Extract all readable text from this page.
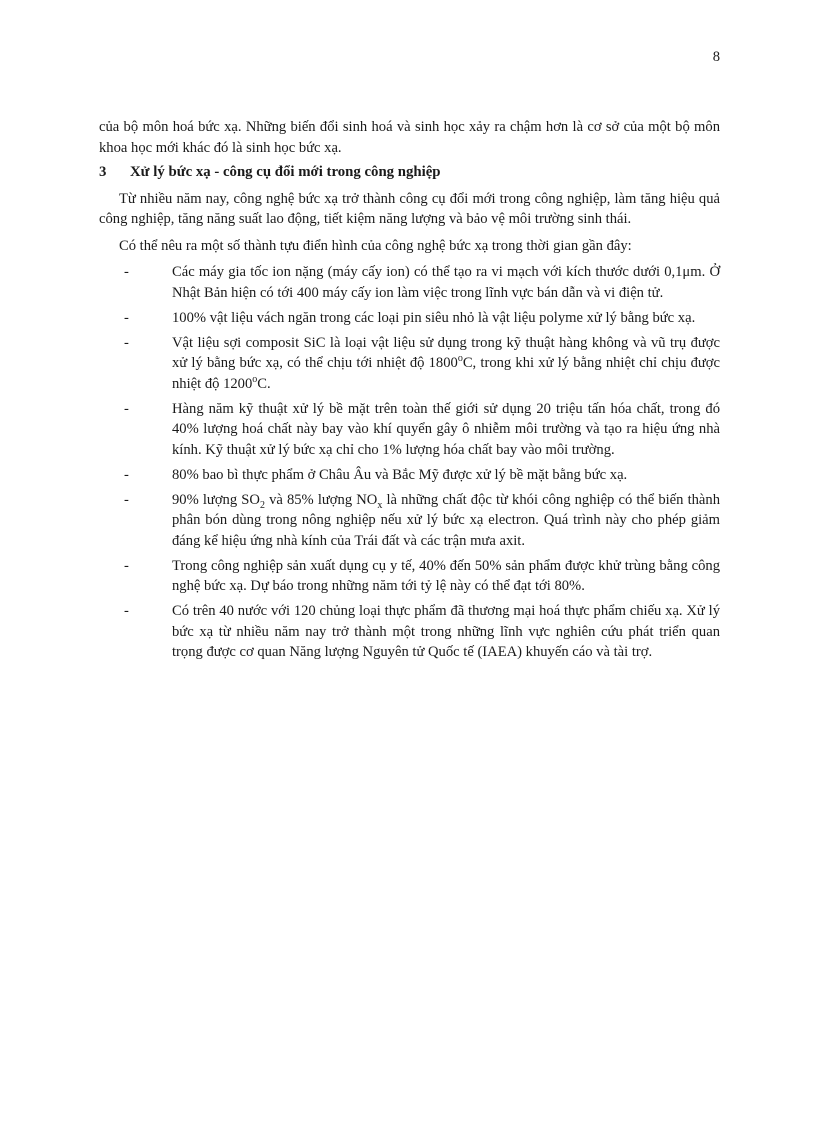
8

của bộ môn hoá bức xạ. Những biến đổi sinh hoá và sinh học xảy ra chậm hơn là cơ sở của một bộ môn khoa học mới khác đó là sinh học bức xạ.

3	Xử lý bức xạ - công cụ đổi mới trong công nghiệp

Từ nhiều năm nay, công nghệ bức xạ trở thành công cụ đổi mới trong công nghiệp, làm tăng hiệu quả công nghiệp, tăng năng suất lao động, tiết kiệm năng lượng và bảo vệ môi trường sinh thái.

Có thể nêu ra một số thành tựu điển hình của công nghệ bức xạ trong thời gian gần đây:

-	Các máy gia tốc ion nặng (máy cấy ion) có thể tạo ra vi mạch với kích thước dưới 0,1μm. Ở Nhật Bản hiện có tới 400 máy cấy ion làm việc trong lĩnh vực bán dẫn và vi điện tử.
-	100% vật liệu vách ngăn trong các loại pin siêu nhỏ là vật liệu polyme xử lý bằng bức xạ.
-	Vật liệu sợi composit SiC là loại vật liệu sử dụng trong kỹ thuật hàng không và vũ trụ được xử lý bằng bức xạ, có thể chịu tới nhiệt độ 1800$^o$C, trong khi xử lý bằng nhiệt chỉ chịu được nhiệt độ 1200$^o$C.
-	Hàng năm kỹ thuật xử lý bề mặt trên toàn thế giới sử dụng 20 triệu tấn hóa chất, trong đó 40% lượng hoá chất này bay vào khí quyển gây ô nhiễm môi trường và tạo ra hiệu ứng nhà kính. Kỹ thuật xử lý bức xạ chỉ cho 1% lượng hóa chất bay vào môi trường.
-	80% bao bì thực phẩm ở Châu Âu và Bắc Mỹ được xử lý bề mặt bằng bức xạ.
-	90% lượng $SO_2$ và 85% lượng $NO_x$ là những chất độc từ khói công nghiệp có thể biến thành phân bón dùng trong nông nghiệp nếu xử lý bức xạ electron. Quá trình này cho phép giảm đáng kể hiệu ứng nhà kính của Trái đất và các trận mưa axit.
-	Trong công nghiệp sản xuất dụng cụ y tế, 40% đến 50% sản phẩm được khử trùng bằng công nghệ bức xạ. Dự báo trong những năm tới tỷ lệ này có thể đạt tới 80%.
-	Có trên 40 nước với 120 chủng loại thực phẩm đã thương mại hoá thực phẩm chiếu xạ. Xử lý bức xạ từ nhiều năm nay trở thành một trong những lĩnh vực nghiên cứu phát triển quan trọng được cơ quan Năng lượng Nguyên tử Quốc tế (IAEA) khuyến cáo và tài trợ.
